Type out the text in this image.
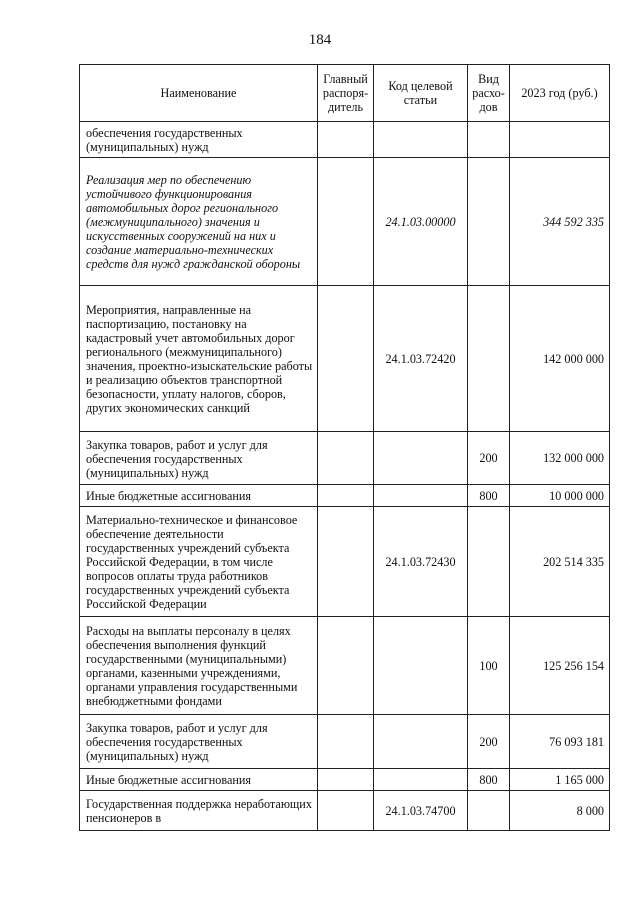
184
Наименование	Главный распоря-дитель	Код целевой статьи	Вид расхо-дов	2023 год (руб.)
обеспечения государственных (муниципальных) нужд				
Реализация мер по обеспечению устойчивого функционирования автомобильных дорог регионального (межмуниципального) значения и искусственных сооружений на них и создание материально-технических средств для нужд гражданской обороны		24.1.03.00000		344 592 335
Мероприятия, направленные на паспортизацию, постановку на кадастровый учет автомобильных дорог регионального (межмуниципального) значения, проектно-изыскательские работы и реализацию объектов транспортной безопасности, уплату налогов, сборов, других экономических санкций		24.1.03.72420		142 000 000
Закупка товаров, работ и услуг для обеспечения государственных (муниципальных) нужд			200	132 000 000
Иные бюджетные ассигнования			800	10 000 000
Материально-техническое и финансовое обеспечение деятельности государственных учреждений субъекта Российской Федерации, в том числе вопросов оплаты труда работников государственных учреждений субъекта Российской Федерации		24.1.03.72430		202 514 335
Расходы на выплаты персоналу в целях обеспечения выполнения функций государственными (муниципальными) органами, казенными учреждениями, органами управления государственными внебюджетными фондами			100	125 256 154
Закупка товаров, работ и услуг для обеспечения государственных (муниципальных) нужд			200	76 093 181
Иные бюджетные ассигнования			800	1 165 000
Государственная поддержка неработающих пенсионеров в		24.1.03.74700		8 000
